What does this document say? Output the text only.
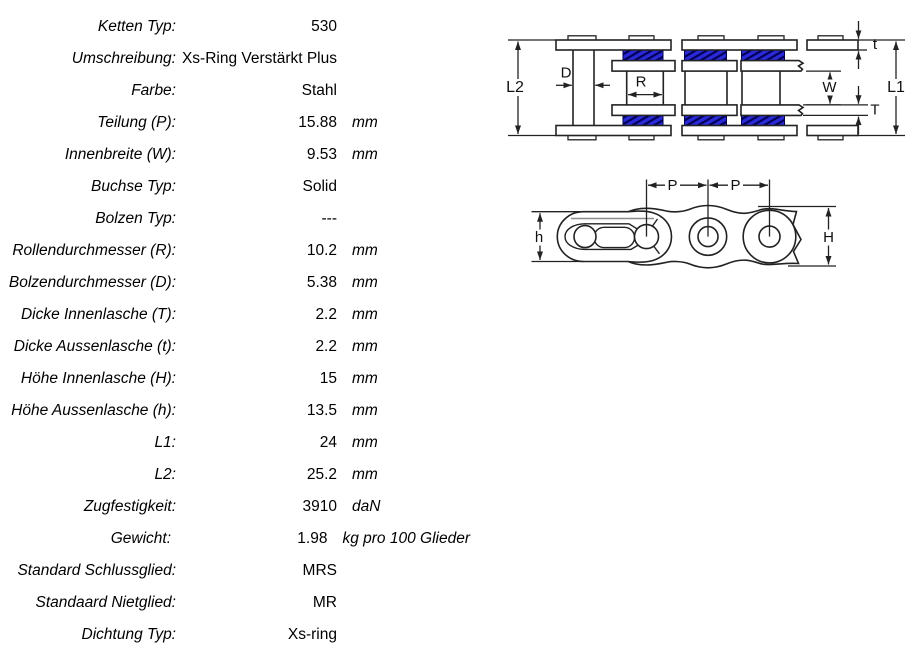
Ketten Typ:	530
Umschreibung: Xs-Ring Verstärkt Plus
Farbe:	Stahl
Teilung (P):	15.88 mm
Innenbreite (W):	9.53 mm
Buchse Typ:	Solid
Bolzen Typ:	---
Rollendurchmesser (R):	10.2 mm
Bolzendurchmesser (D):	5.38 mm
Dicke Innenlasche (T):	2.2 mm
Dicke Aussenlasche (t):	2.2 mm
Höhe Innenlasche (H):	15 mm
Höhe Aussenlasche (h):	13.5 mm
L1:	24 mm
L2:	25.2 mm
Zugfestigkeit:	3910 daN
Gewicht:	1.98 kg pro 100 Glieder
Standard Schlussglied:	MRS
Standaard Nietglied:	MR
Dichtung Typ:	Xs-ring
L2	L1
D
R	W
t
T
P	P
h	H
